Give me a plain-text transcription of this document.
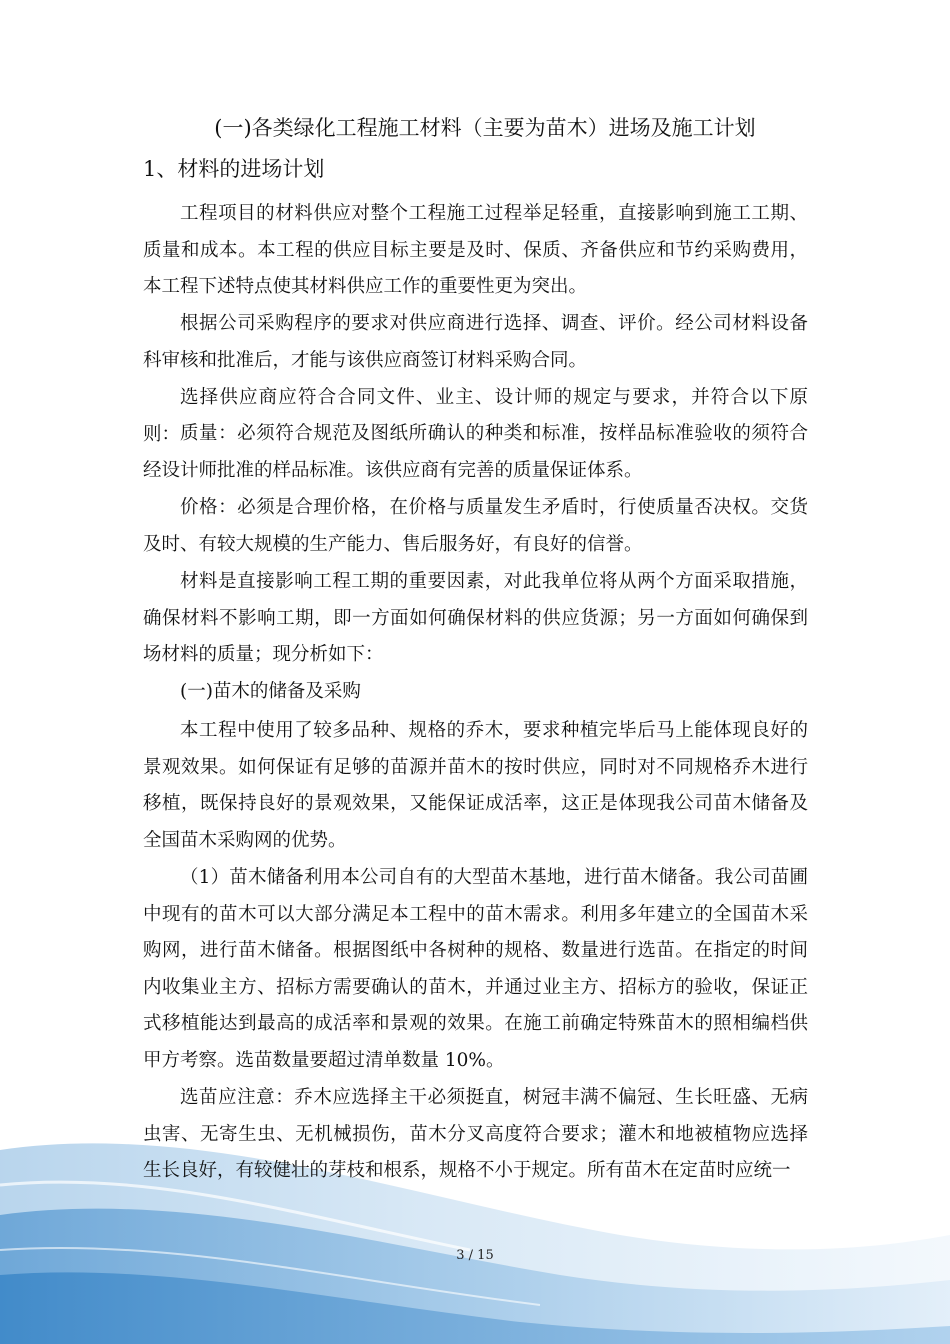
(一)各类绿化工程施工材料（主要为苗木）进场及施工计划
1、材料的进场计划

工程项目的材料供应对整个工程施工过程举足轻重，直接影响到施工工期、质量和成本。本工程的供应目标主要是及时、保质、齐备供应和节约采购费用，本工程下述特点使其材料供应工作的重要性更为突出。

根据公司采购程序的要求对供应商进行选择、调查、评价。经公司材料设备科审核和批准后，才能与该供应商签订材料采购合同。

选择供应商应符合合同文件、业主、设计师的规定与要求，并符合以下原则： 质量：必须符合规范及图纸所确认的种类和标准，按样品标准验收的须符合经设计师批准的样品标准。该供应商有完善的质量保证体系。

价格：必须是合理价格，在价格与质量发生矛盾时，行使质量否决权。交货及时、有较大规模的生产能力、售后服务好，有良好的信誉。

材料是直接影响工程工期的重要因素，对此我单位将从两个方面采取措施，确保材料不影响工期，即一方面如何确保材料的供应货源；另一方面如何确保到场材料的质量；现分析如下：

(一)苗木的储备及采购

本工程中使用了较多品种、规格的乔木，要求种植完毕后马上能体现良好的景观效果。如何保证有足够的苗源并苗木的按时供应，同时对不同规格乔木进行移植，既保持良好的景观效果，又能保证成活率，这正是体现我公司苗木储备及全国苗木采购网的优势。

（1）苗木储备利用本公司自有的大型苗木基地，进行苗木储备。我公司苗圃中现有的苗木可以大部分满足本工程中的苗木需求。利用多年建立的全国苗木采购网，进行苗木储备。根据图纸中各树种的规格、数量进行选苗。在指定的时间内收集业主方、招标方需要确认的苗木，并通过业主方、招标方的验收，保证正式移植能达到最高的成活率和景观的效果。在施工前确定特殊苗木的照相编档供甲方考察。选苗数量要超过清单数量 10%。

选苗应注意：乔木应选择主干必须挺直，树冠丰满不偏冠、生长旺盛、无病虫害、无寄生虫、无机械损伤，苗木分叉高度符合要求；灌木和地被植物应选择生长良好，有较健壮的芽枝和根系，规格不小于规定。所有苗木在定苗时应统一

3 / 15
